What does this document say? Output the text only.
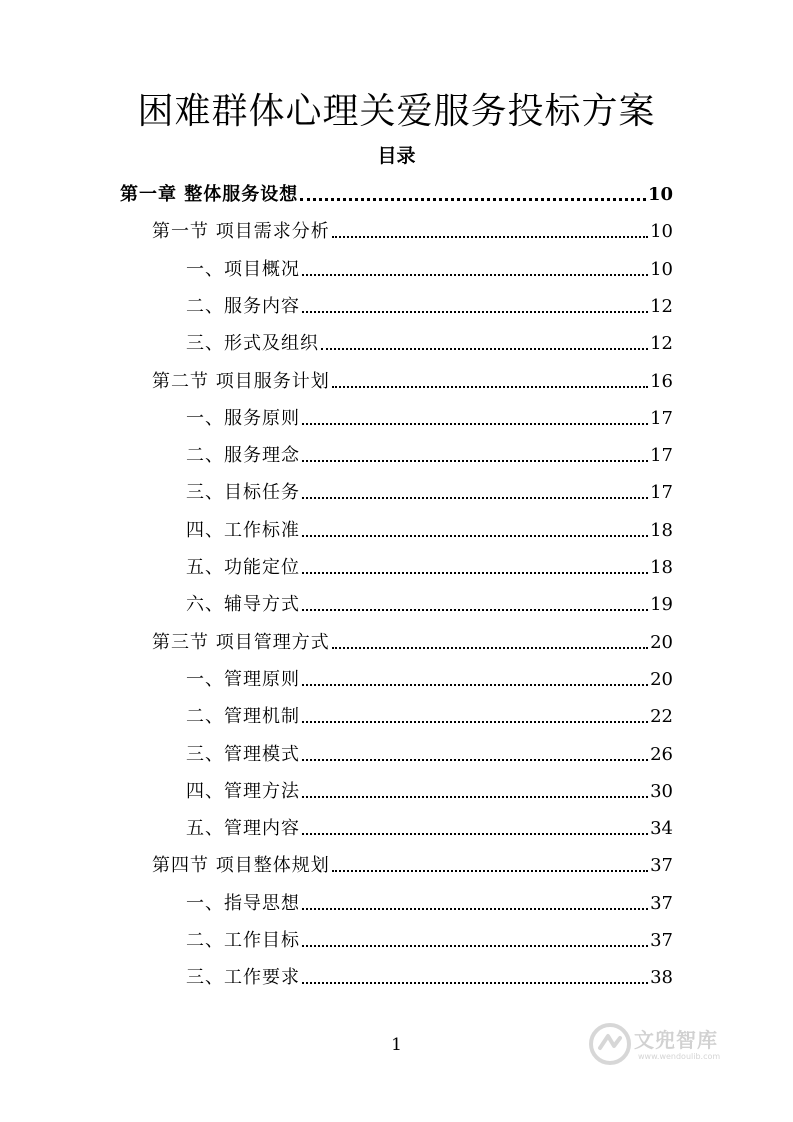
困难群体心理关爱服务投标方案
目录
第一章 整体服务设想	10
第一节 项目需求分析	10
一、项目概况	10
二、服务内容	12
三、形式及组织	12
第二节 项目服务计划	16
一、服务原则	17
二、服务理念	17
三、目标任务	17
四、工作标准	18
五、功能定位	18
六、辅导方式	19
第三节 项目管理方式	20
一、管理原则	20
二、管理机制	22
三、管理模式	26
四、管理方法	30
五、管理内容	34
第四节 项目整体规划	37
一、指导思想	37
二、工作目标	37
三、工作要求	38
1	文兜智库
www.wendoulib.com
